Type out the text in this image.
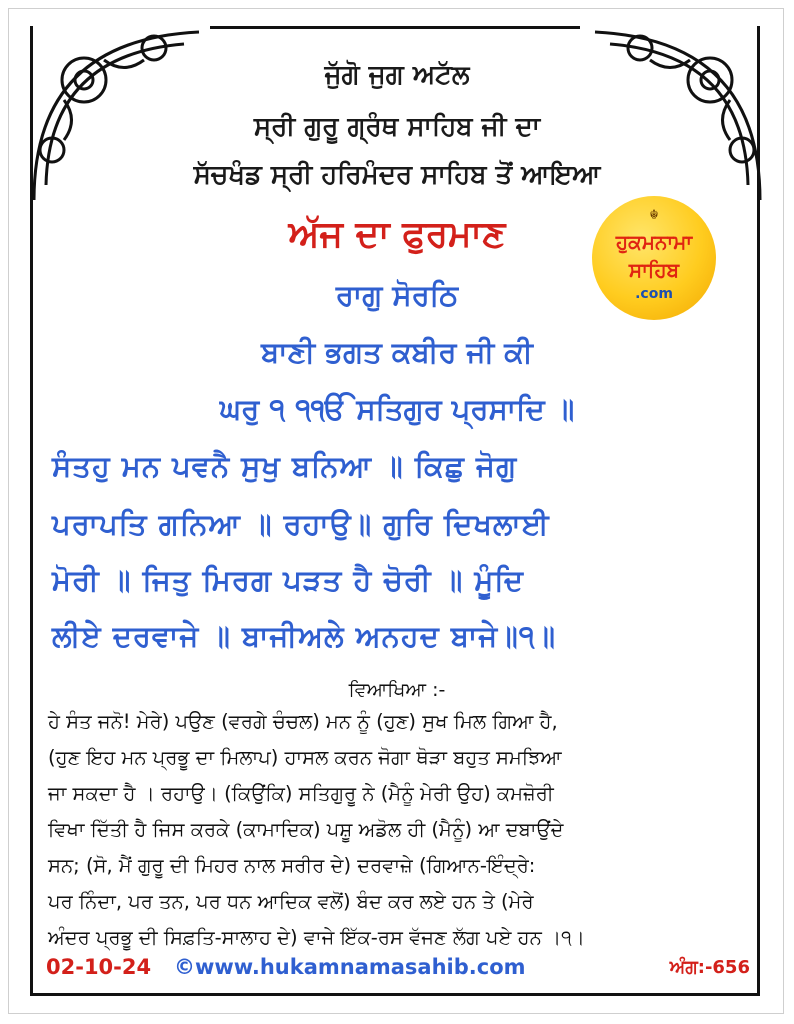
ਜੁੱਗੋ ਜੁਗ ਅਟੱਲ
ਸ੍ਰੀ ਗੁਰੂ ਗ੍ਰੰਥ ਸਾਹਿਬ ਜੀ ਦਾ
ਸੱਚਖੰਡ ਸ੍ਰੀ ਹਰਿਮੰਦਰ ਸਾਹਿਬ ਤੋਂ ਆਇਆ
ਅੱਜ ਦਾ ਫੁਰਮਾਣ	☬
ਹੁਕਮਨਾਮਾ
ਸਾਹਿਬ
.com
ਰਾਗੁ ਸੋਰਠਿ
ਬਾਣੀ ਭਗਤ ਕਬੀਰ ਜੀ ਕੀ
ਘਰੁ ੧ ੧ੴ ਸਤਿਗੁਰ ਪ੍ਰਸਾਦਿ ॥
ਸੰਤਹੁ ਮਨ ਪਵਨੈ ਸੁਖੁ ਬਨਿਆ ॥ ਕਿਛੁ ਜੋਗੁ
ਪਰਾਪਤਿ ਗਨਿਆ ॥ ਰਹਾਉ॥ ਗੁਰਿ ਦਿਖਲਾਈ
ਮੋਰੀ ॥ ਜਿਤੁ ਮਿਰਗ ਪੜਤ ਹੈ ਚੋਰੀ ॥ ਮੂੰਦਿ
ਲੀਏ ਦਰਵਾਜੇ ॥ ਬਾਜੀਅਲੇ ਅਨਹਦ ਬਾਜੇ॥੧॥
ਵਿਆਖਿਆ :-
ਹੇ ਸੰਤ ਜਨੋ! ਮੇਰੇ) ਪਉਣ (ਵਰਗੇ ਚੰਚਲ) ਮਨ ਨੂੰ (ਹੁਣ) ਸੁਖ ਮਿਲ ਗਿਆ ਹੈ,
(ਹੁਣ ਇਹ ਮਨ ਪ੍ਰਭੂ ਦਾ ਮਿਲਾਪ) ਹਾਸਲ ਕਰਨ ਜੋਗਾ ਥੋੜਾ ਬਹੁਤ ਸਮਝਿਆ
ਜਾ ਸਕਦਾ ਹੈ । ਰਹਾਉ। (ਕਿਉਂਕਿ) ਸਤਿਗੁਰੂ ਨੇ (ਮੈਨੂੰ ਮੇਰੀ ਉਹ) ਕਮਜ਼ੋਰੀ
ਵਿਖਾ ਦਿੱਤੀ ਹੈ ਜਿਸ ਕਰਕੇ (ਕਾਮਾਦਿਕ) ਪਸ਼ੂ ਅਡੋਲ ਹੀ (ਮੈਨੂੰ) ਆ ਦਬਾਉਂਦੇ
ਸਨ; (ਸੋ, ਮੈਂ ਗੁਰੂ ਦੀ ਮਿਹਰ ਨਾਲ ਸਰੀਰ ਦੇ) ਦਰਵਾਜ਼ੇ (ਗਿਆਨ-ਇੰਦ੍ਰੇ:
ਪਰ ਨਿੰਦਾ, ਪਰ ਤਨ, ਪਰ ਧਨ ਆਦਿਕ ਵਲੋਂ) ਬੰਦ ਕਰ ਲਏ ਹਨ ਤੇ (ਮੇਰੇ
ਅੰਦਰ ਪ੍ਰਭੂ ਦੀ ਸਿਫ਼ਤਿ-ਸਾਲਾਹ ਦੇ) ਵਾਜੇ ਇੱਕ-ਰਸ ਵੱਜਣ ਲੱਗ ਪਏ ਹਨ ।੧।
02-10-24 ©www.hukamnamasahib.com	ਅੰਗ:-656
